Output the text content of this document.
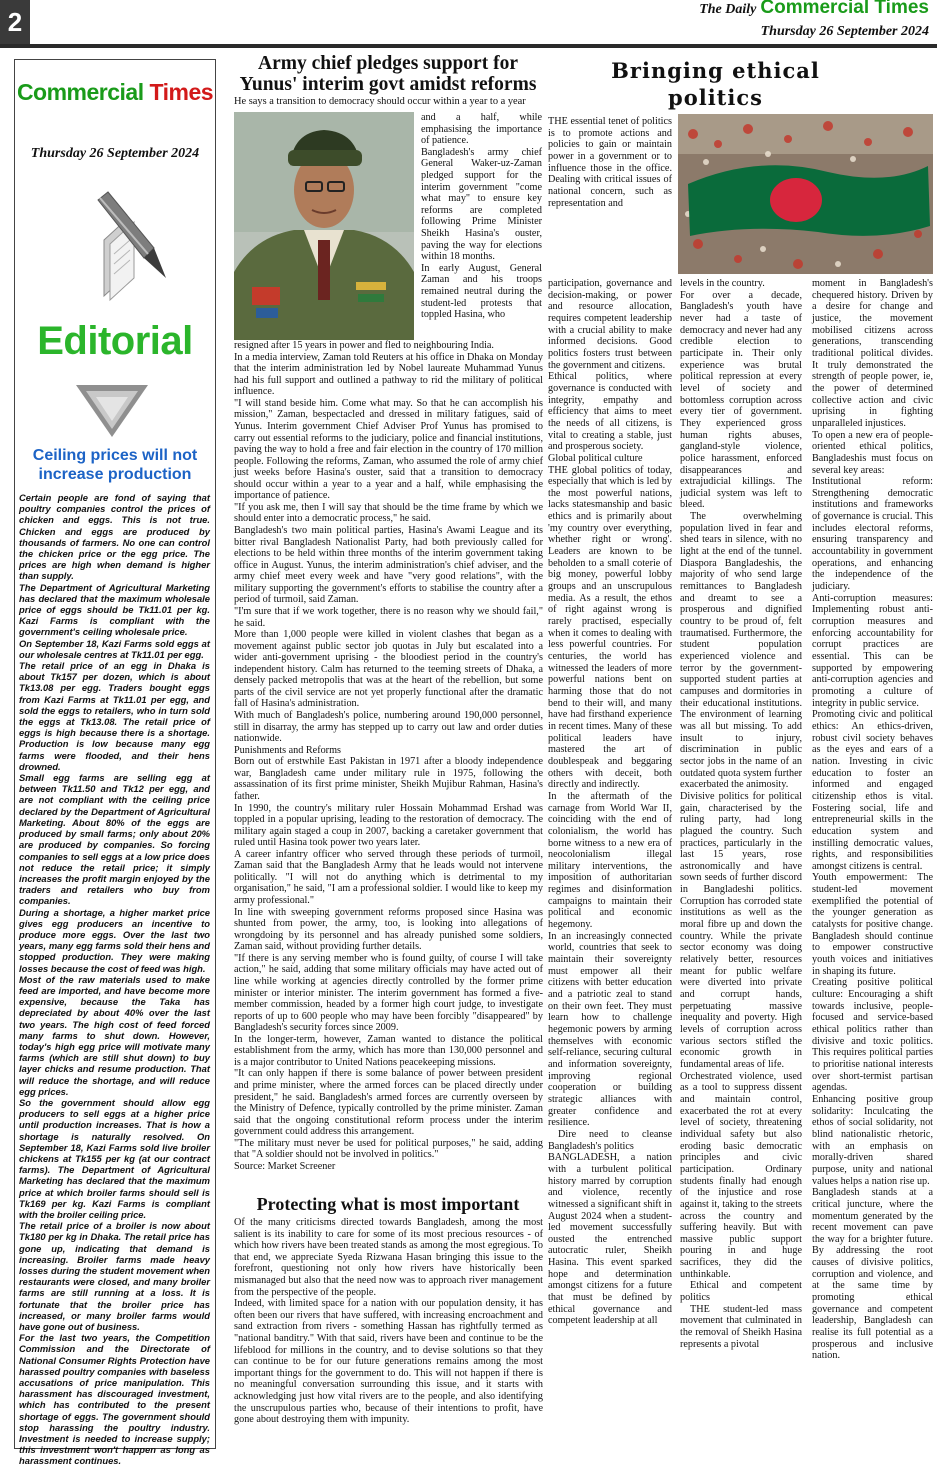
2	The Daily Commercial Times
Thursday 26 September 2024
Commercial Times
Thursday 26 September 2024
Editorial
Ceiling prices will not increase production

Certain people are fond of saying that poultry companies control the prices of chicken and eggs. This is not true. Chicken and eggs are produced by thousands of farmers. No one can control the chicken price or the egg price. The prices are high when demand is higher than supply.

The Department of Agricultural Marketing has declared that the maximum wholesale price of eggs should be Tk11.01 per kg. Kazi Farms is compliant with the government's ceiling wholesale price.

On September 18, Kazi Farms sold eggs at our wholesale centres at Tk11.01 per egg.

The retail price of an egg in Dhaka is about Tk157 per dozen, which is about Tk13.08 per egg. Traders bought eggs from Kazi Farms at Tk11.01 per egg, and sold the eggs to retailers, who in turn sold the eggs at Tk13.08. The retail price of eggs is high because there is a shortage. Production is low because many egg farms were flooded, and their hens drowned.

Small egg farms are selling egg at between Tk11.50 and Tk12 per egg, and are not compliant with the ceiling price declared by the Department of Agricultural Marketing. About 80% of the eggs are produced by small farms; only about 20% are produced by companies. So forcing companies to sell eggs at a low price does not reduce the retail price; it simply increases the profit margin enjoyed by the traders and retailers who buy from companies.

During a shortage, a higher market price gives egg producers an incentive to produce more eggs. Over the last two years, many egg farms sold their hens and stopped production. They were making losses because the cost of feed was high.

Most of the raw materials used to make feed are imported, and have become more expensive, because the Taka has depreciated by about 40% over the last two years. The high cost of feed forced many farms to shut down. However, today's high egg price will motivate many farms (which are still shut down) to buy layer chicks and resume production. That will reduce the shortage, and will reduce egg prices.

So the government should allow egg producers to sell eggs at a higher price until production increases. That is how a shortage is naturally resolved. On September 18, Kazi Farms sold live broiler chickens at Tk155 per kg (at our contract farms). The Department of Agricultural Marketing has declared that the maximum price at which broiler farms should sell is Tk169 per kg. Kazi Farms is compliant with the broiler ceiling price.

The retail price of a broiler is now about Tk180 per kg in Dhaka. The retail price has gone up, indicating that demand is increasing. Broiler farms made heavy losses during the student movement when restaurants were closed, and many broiler farms are still running at a loss. It is fortunate that the broiler price has increased, or many broiler farms would have gone out of business.

For the last two years, the Competition Commission and the Directorate of National Consumer Rights Protection have harassed poultry companies with baseless accusations of price manipulation. This harassment has discouraged investment, which has contributed to the present shortage of eggs. The government should stop harassing the poultry industry. Investment is needed to increase supply; this investment won't happen as long as harassment continues.

Army chief pledges support for Yunus' interim govt amidst reforms
He says a transition to democracy should occur within a year to a year

and a half, while emphasising the importance of patience.

Bangladesh's army chief General Waker-uz-Zaman pledged support for the interim government "come what may" to ensure key reforms are completed following Prime Minister Sheikh Hasina's ouster, paving the way for elections within 18 months.

In early August, General Zaman and his troops remained neutral during the student-led protests that toppled Hasina, who

resigned after 15 years in power and fled to neighbouring India.

In a media interview, Zaman told Reuters at his office in Dhaka on Monday that the interim administration led by Nobel laureate Muhammad Yunus had his full support and outlined a pathway to rid the military of political influence.

"I will stand beside him. Come what may. So that he can accomplish his mission," Zaman, bespectacled and dressed in military fatigues, said of Yunus. Interim government Chief Adviser Prof Yunus has promised to carry out essential reforms to the judiciary, police and financial institutions, paving the way to hold a free and fair election in the country of 170 million people. Following the reforms, Zaman, who assumed the role of army chief just weeks before Hasina's ouster, said that a transition to democracy should occur within a year to a year and a half, while emphasising the importance of patience.

"If you ask me, then I will say that should be the time frame by which we should enter into a democratic process," he said.

Bangladesh's two main political parties, Hasina's Awami League and its bitter rival Bangladesh Nationalist Party, had both previously called for elections to be held within three months of the interim government taking office in August. Yunus, the interim administration's chief adviser, and the army chief meet every week and have "very good relations", with the military supporting the government's efforts to stabilise the country after a period of turmoil, said Zaman.

"I'm sure that if we work together, there is no reason why we should fail," he said.

More than 1,000 people were killed in violent clashes that began as a movement against public sector job quotas in July but escalated into a wider anti-government uprising - the bloodiest period in the country's independent history. Calm has returned to the teeming streets of Dhaka, a densely packed metropolis that was at the heart of the rebellion, but some parts of the civil service are not yet properly functional after the dramatic fall of Hasina's administration.

With much of Bangladesh's police, numbering around 190,000 personnel, still in disarray, the army has stepped up to carry out law and order duties nationwide.

Punishments and Reforms

Born out of erstwhile East Pakistan in 1971 after a bloody independence war, Bangladesh came under military rule in 1975, following the assassination of its first prime minister, Sheikh Mujibur Rahman, Hasina's father.

In 1990, the country's military ruler Hossain Mohammad Ershad was toppled in a popular uprising, leading to the restoration of democracy. The military again staged a coup in 2007, backing a caretaker government that ruled until Hasina took power two years later.

A career infantry officer who served through these periods of turmoil, Zaman said that the Bangladesh Army that he leads would not intervene politically. "I will not do anything which is detrimental to my organisation," he said, "I am a professional soldier. I would like to keep my army professional."

In line with sweeping government reforms proposed since Hasina was shunted from power, the army, too, is looking into allegations of wrongdoing by its personnel and has already punished some soldiers, Zaman said, without providing further details.

"If there is any serving member who is found guilty, of course I will take action," he said, adding that some military officials may have acted out of line while working at agencies directly controlled by the former prime minister or interior minister. The interim government has formed a five-member commission, headed by a former high court judge, to investigate reports of up to 600 people who may have been forcibly "disappeared" by Bangladesh's security forces since 2009.

In the longer-term, however, Zaman wanted to distance the political establishment from the army, which has more than 130,000 personnel and is a major contributor to United Nations peacekeeping missions.

"It can only happen if there is some balance of power between president and prime minister, where the armed forces can be placed directly under president," he said. Bangladesh's armed forces are currently overseen by the Ministry of Defence, typically controlled by the prime minister. Zaman said that the ongoing constitutional reform process under the interim government could address this arrangement.

"The military must never be used for political purposes," he said, adding that "A soldier should not be involved in politics."

Source: Market Screener

Protecting what is most important

Of the many criticisms directed towards Bangladesh, among the most salient is its inability to care for some of its most precious resources - of which how rivers have been treated stands as among the most egregious. To that end, we appreciate Syeda Rizwana Hasan bringing this issue to the forefront, questioning not only how rivers have historically been mismanaged but also that the need now was to approach river management from the perspective of the people.

Indeed, with limited space for a nation with our population density, it has often been our rivers that have suffered, with increasing encroachment and sand extraction from rivers - something Hassan has rightfully termed as "national banditry." With that said, rivers have been and continue to be the lifeblood for millions in the country, and to devise solutions so that they can continue to be for our future generations remains among the most important things for the government to do. This will not happen if there is no meaningful conversation surrounding this issue, and it starts with acknowledging just how vital rivers are to the people, and also identifying the unscrupulous parties who, because of their intentions to profit, have gone about destroying them with impunity.

Bringing ethical politics

THE essential tenet of politics is to promote actions and policies to gain or maintain power in a government or to influence those in the office. Dealing with critical issues of national concern, such as representation and

participation, governance and decision-making, or power and resource allocation, requires competent leadership with a crucial ability to make informed decisions. Good politics fosters trust between the government and citizens.

Ethical politics, where governance is conducted with integrity, empathy and efficiency that aims to meet the needs of all citizens, is vital to creating a stable, just and prosperous society.

Global political culture

THE global politics of today, especially that which is led by the most powerful nations, lacks statesmanship and basic ethics and is primarily about 'my country over everything, whether right or wrong'. Leaders are known to be beholden to a small coterie of big money, powerful lobby groups and an unscrupulous media. As a result, the ethos of right against wrong is rarely practised, especially when it comes to dealing with less powerful countries. For centuries, the world has witnessed the leaders of more powerful nations bent on harming those that do not bend to their will, and many have had firsthand experience in recent times. Many of these political leaders have mastered the art of doublespeak and beggaring others with deceit, both directly and indirectly.

In the aftermath of the carnage from World War II, coinciding with the end of colonialism, the world has borne witness to a new era of neocolonialism illegal military interventions, the imposition of authoritarian regimes and disinformation campaigns to maintain their political and economic hegemony.

In an increasingly connected world, countries that seek to maintain their sovereignty must empower all their citizens with better education and a patriotic zeal to stand on their own feet. They must learn how to challenge hegemonic powers by arming themselves with economic self-reliance, securing cultural and information sovereignty, improving regional cooperation or building strategic alliances with greater confidence and resilience.

Dire need to cleanse Bangladesh's politics

BANGLADESH, a nation with a turbulent political history marred by corruption and violence, recently witnessed a significant shift in August 2024 when a student-led movement successfully ousted the entrenched autocratic ruler, Sheikh Hasina. This event sparked hope and determination amongst citizens for a future that must be defined by ethical governance and competent leadership at all

levels in the country.

For over a decade, Bangladesh's youth have never had a taste of democracy and never had any credible election to participate in. Their only experience was brutal political repression at every level of society and bottomless corruption across every tier of government. They experienced gross human rights abuses, gangland-style violence, police harassment, enforced disappearances and extrajudicial killings. The judicial system was left to bleed.

The overwhelming population lived in fear and shed tears in silence, with no light at the end of the tunnel. Diaspora Bangladeshis, the majority of who send large remittances to Bangladesh and dreamt to see a prosperous and dignified country to be proud of, felt traumatised. Furthermore, the student population experienced violence and terror by the government-supported student parties at campuses and dormitories in their educational institutions. The environment of learning was all but missing. To add insult to injury, discrimination in public sector jobs in the name of an outdated quota system further exacerbated the animosity.

Divisive politics for political gain, characterised by the ruling party, had long plagued the country. Such practices, particularly in the last 15 years, rose astronomically and have sown seeds of further discord in Bangladeshi politics. Corruption has corroded state institutions as well as the moral fibre up and down the country. While the private sector economy was doing relatively better, resources meant for public welfare were diverted into private and corrupt hands, perpetuating massive inequality and poverty. High levels of corruption across various sectors stifled the economic growth in fundamental areas of life.

Orchestrated violence, used as a tool to suppress dissent and maintain control, exacerbated the rot at every level of society, threatening individual safety but also eroding basic democratic principles and civic participation. Ordinary students finally had enough of the injustice and rose against it, taking to the streets across the country and suffering heavily. But with massive public support pouring in and huge sacrifices, they did the unthinkable.

Ethical and competent politics

THE student-led mass movement that culminated in the removal of Sheikh Hasina represents a pivotal

moment in Bangladesh's chequered history. Driven by a desire for change and justice, the movement mobilised citizens across generations, transcending traditional political divides. It truly demonstrated the strength of people power, ie, the power of determined collective action and civic uprising in fighting unparalleled injustices.

To open a new era of people-oriented ethical politics, Bangladeshis must focus on several key areas:

Institutional reform: Strengthening democratic institutions and frameworks of governance is crucial. This includes electoral reforms, ensuring transparency and accountability in government operations, and enhancing the independence of the judiciary.

Anti-corruption measures: Implementing robust anti-corruption measures and enforcing accountability for corrupt practices are essential. This can be supported by empowering anti-corruption agencies and promoting a culture of integrity in public service.

Promoting civic and political ethics: An ethics-driven, robust civil society behaves as the eyes and ears of a nation. Investing in civic education to foster an informed and engaged citizenship ethos is vital. Fostering social, life and entrepreneurial skills in the education system and instilling democratic values, rights, and responsibilities amongst citizens is central.

Youth empowerment: The student-led movement exemplified the potential of the younger generation as catalysts for positive change. Bangladesh should continue to empower constructive youth voices and initiatives in shaping its future.

Creating positive political culture: Encouraging a shift towards inclusive, people-focused and service-based ethical politics rather than divisive and toxic politics. This requires political parties to prioritise national interests over short-termist partisan agendas.

Enhancing positive group solidarity: Inculcating the ethos of social solidarity, not blind nationalistic rhetoric, with an emphasis on morally-driven shared purpose, unity and national values helps a nation rise up.

Bangladesh stands at a critical juncture, where the momentum generated by the recent movement can pave the way for a brighter future. By addressing the root causes of divisive politics, corruption and violence, and at the same time by promoting ethical governance and competent leadership, Bangladesh can realise its full potential as a prosperous and inclusive nation.
